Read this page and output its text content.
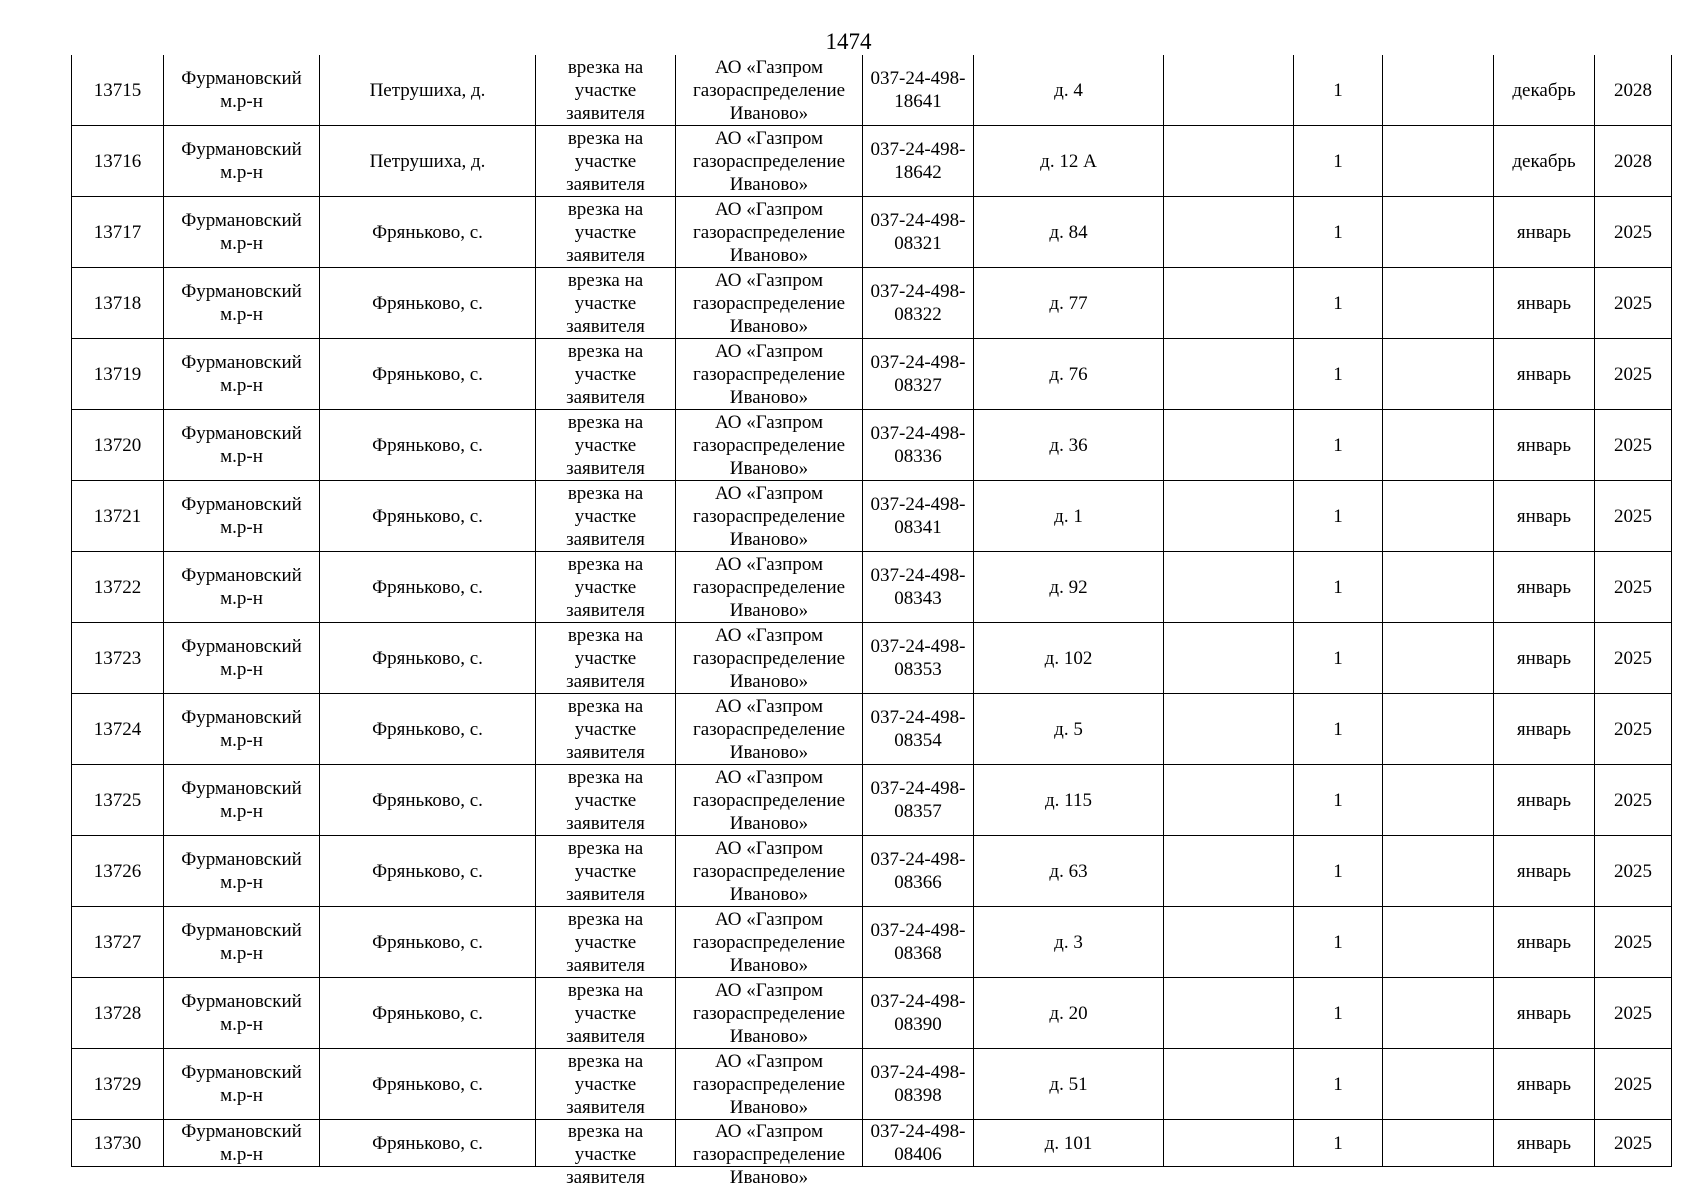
1474
13715	Фурмановский м.р-н	Петрушиха, д.	врезка на участке заявителя	АО «Газпром газораспределение Иваново»	037-24-498-18641	д. 4		1		декабрь	2028
13716	Фурмановский м.р-н	Петрушиха, д.	врезка на участке заявителя	АО «Газпром газораспределение Иваново»	037-24-498-18642	д. 12 А		1		декабрь	2028
13717	Фурмановский м.р-н	Фряньково, с.	врезка на участке заявителя	АО «Газпром газораспределение Иваново»	037-24-498-08321	д. 84		1		январь	2025
13718	Фурмановский м.р-н	Фряньково, с.	врезка на участке заявителя	АО «Газпром газораспределение Иваново»	037-24-498-08322	д. 77		1		январь	2025
13719	Фурмановский м.р-н	Фряньково, с.	врезка на участке заявителя	АО «Газпром газораспределение Иваново»	037-24-498-08327	д. 76		1		январь	2025
13720	Фурмановский м.р-н	Фряньково, с.	врезка на участке заявителя	АО «Газпром газораспределение Иваново»	037-24-498-08336	д. 36		1		январь	2025
13721	Фурмановский м.р-н	Фряньково, с.	врезка на участке заявителя	АО «Газпром газораспределение Иваново»	037-24-498-08341	д. 1		1		январь	2025
13722	Фурмановский м.р-н	Фряньково, с.	врезка на участке заявителя	АО «Газпром газораспределение Иваново»	037-24-498-08343	д. 92		1		январь	2025
13723	Фурмановский м.р-н	Фряньково, с.	врезка на участке заявителя	АО «Газпром газораспределение Иваново»	037-24-498-08353	д. 102		1		январь	2025
13724	Фурмановский м.р-н	Фряньково, с.	врезка на участке заявителя	АО «Газпром газораспределение Иваново»	037-24-498-08354	д. 5		1		январь	2025
13725	Фурмановский м.р-н	Фряньково, с.	врезка на участке заявителя	АО «Газпром газораспределение Иваново»	037-24-498-08357	д. 115		1		январь	2025
13726	Фурмановский м.р-н	Фряньково, с.	врезка на участке заявителя	АО «Газпром газораспределение Иваново»	037-24-498-08366	д. 63		1		январь	2025
13727	Фурмановский м.р-н	Фряньково, с.	врезка на участке заявителя	АО «Газпром газораспределение Иваново»	037-24-498-08368	д. 3		1		январь	2025
13728	Фурмановский м.р-н	Фряньково, с.	врезка на участке заявителя	АО «Газпром газораспределение Иваново»	037-24-498-08390	д. 20		1		январь	2025
13729	Фурмановский м.р-н	Фряньково, с.	врезка на участке заявителя	АО «Газпром газораспределение Иваново»	037-24-498-08398	д. 51		1		январь	2025
13730	Фурмановский м.р-н	Фряньково, с.	врезка на участке заявителя	АО «Газпром газораспределение Иваново»	037-24-498-08406	д. 101		1		январь	2025
